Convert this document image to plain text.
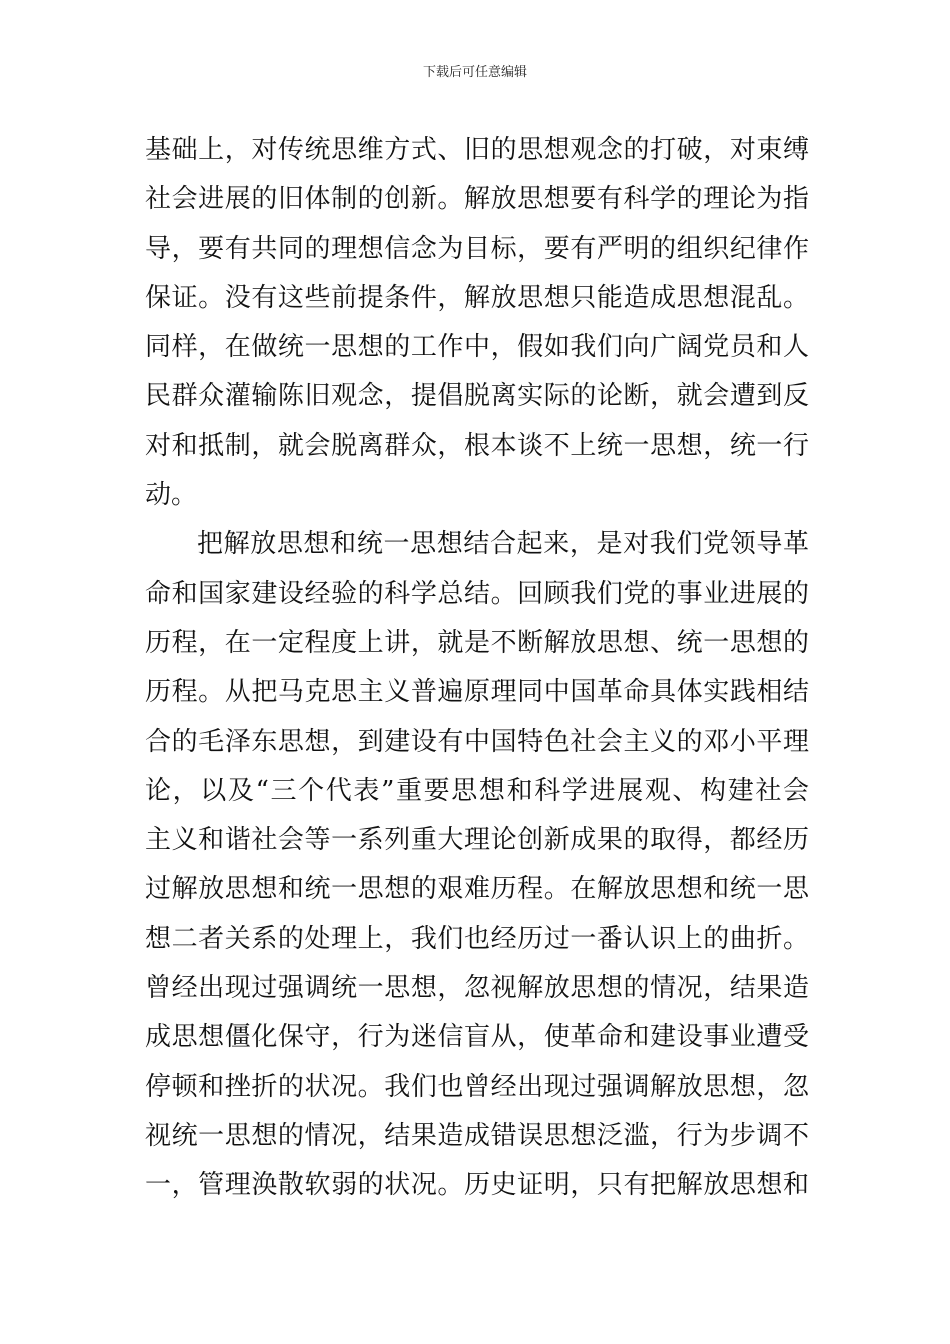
下载后可任意编辑
基础上，对传统思维方式、旧的思想观念的打破，对束缚
社会进展的旧体制的创新。解放思想要有科学的理论为指
导，要有共同的理想信念为目标，要有严明的组织纪律作
保证。没有这些前提条件，解放思想只能造成思想混乱。
同样，在做统一思想的工作中，假如我们向广阔党员和人
民群众灌输陈旧观念，提倡脱离实际的论断，就会遭到反
对和抵制，就会脱离群众，根本谈不上统一思想，统一行
动。
把解放思想和统一思想结合起来，是对我们党领导革
命和国家建设经验的科学总结。回顾我们党的事业进展的
历程，在一定程度上讲，就是不断解放思想、统一思想的
历程。从把马克思主义普遍原理同中国革命具体实践相结
合的毛泽东思想，到建设有中国特色社会主义的邓小平理
论，以及“三个代表”重要思想和科学进展观、构建社会
主义和谐社会等一系列重大理论创新成果的取得，都经历
过解放思想和统一思想的艰难历程。在解放思想和统一思
想二者关系的处理上，我们也经历过一番认识上的曲折。
曾经出现过强调统一思想，忽视解放思想的情况，结果造
成思想僵化保守，行为迷信盲从，使革命和建设事业遭受
停顿和挫折的状况。我们也曾经出现过强调解放思想，忽
视统一思想的情况，结果造成错误思想泛滥，行为步调不
一，管理涣散软弱的状况。历史证明，只有把解放思想和
